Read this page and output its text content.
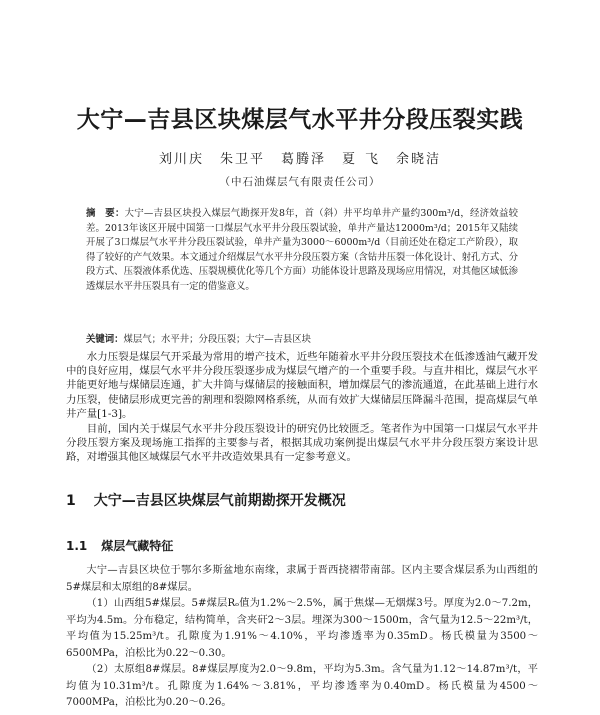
大宁—吉县区块煤层气水平井分段压裂实践
刘川庆 朱卫平 葛腾泽 夏 飞 余晓洁
（中石油煤层气有限责任公司）
摘　要：大宁—吉县区块投入煤层气勘探开发8年，首（斜）井平均单井产量约300m³/d，经济效益较差。2013年该区开展中国第一口煤层气水平井分段压裂试验，单井产量达12000m³/d；2015年又陆续开展了3口煤层气水平井分段压裂试验，单井产量为3000～6000m³/d（目前还处在稳定工产阶段），取得了较好的产气效果。本文通过介绍煤层气水平井分段压裂方案（含钻井压裂一体化设计、射孔方式、分段方式、压裂液体系优选、压裂规模优化等几个方面）功能体设计思路及现场应用情况，对其他区域低渗透煤层水平井压裂具有一定的借鉴意义。
关键词：煤层气；水平井；分段压裂；大宁—吉县区块

水力压裂是煤层气开采最为常用的增产技术，近些年随着水平井分段压裂技术在低渗透油气藏开发中的良好应用，煤层气水平井分段压裂逐步成为煤层气增产的一个重要手段。与直井相比，煤层气水平井能更好地与煤储层连通，扩大井筒与煤储层的接触面积，增加煤层气的渗流通道，在此基础上进行水力压裂，使储层形成更完善的割理和裂隙网格系统，从而有效扩大煤储层压降漏斗范围，提高煤层气单井产量[1-3]。

目前，国内关于煤层气水平井分段压裂设计的研究仍比较匮乏。笔者作为中国第一口煤层气水平井分段压裂方案及现场施工指挥的主要参与者，根据其成功案例提出煤层气水平井分段压裂方案设计思路，对增强其他区域煤层气水平井改造效果具有一定参考意义。

1 大宁—吉县区块煤层气前期勘探开发概况
1.1 煤层气藏特征

大宁—吉县区块位于鄂尔多斯盆地东南缘，隶属于晋西挠褶带南部。区内主要含煤层系为山西组的5#煤层和太原组的8#煤层。

（1）山西组5#煤层。5#煤层Rₒ值为1.2%～2.5%，属于焦煤—无烟煤3号。厚度为2.0～7.2m，平均为4.5m。分布稳定，结构简单，含夹矸2～3层。埋深为300～1500m，含气量为12.5～22m³/t，平均值为15.25m³/t。孔隙度为1.91%～4.10%，平均渗透率为0.35mD。杨氏模量为3500～6500MPa，泊松比为0.22～0.30。

（2）太原组8#煤层。8#煤层厚度为2.0～9.8m，平均为5.3m。含气量为1.12～14.87m³/t，平均值为10.31m³/t。孔隙度为1.64%～3.81%，平均渗透率为0.40mD。杨氏模量为4500～7000MPa，泊松比为0.20～0.26。
